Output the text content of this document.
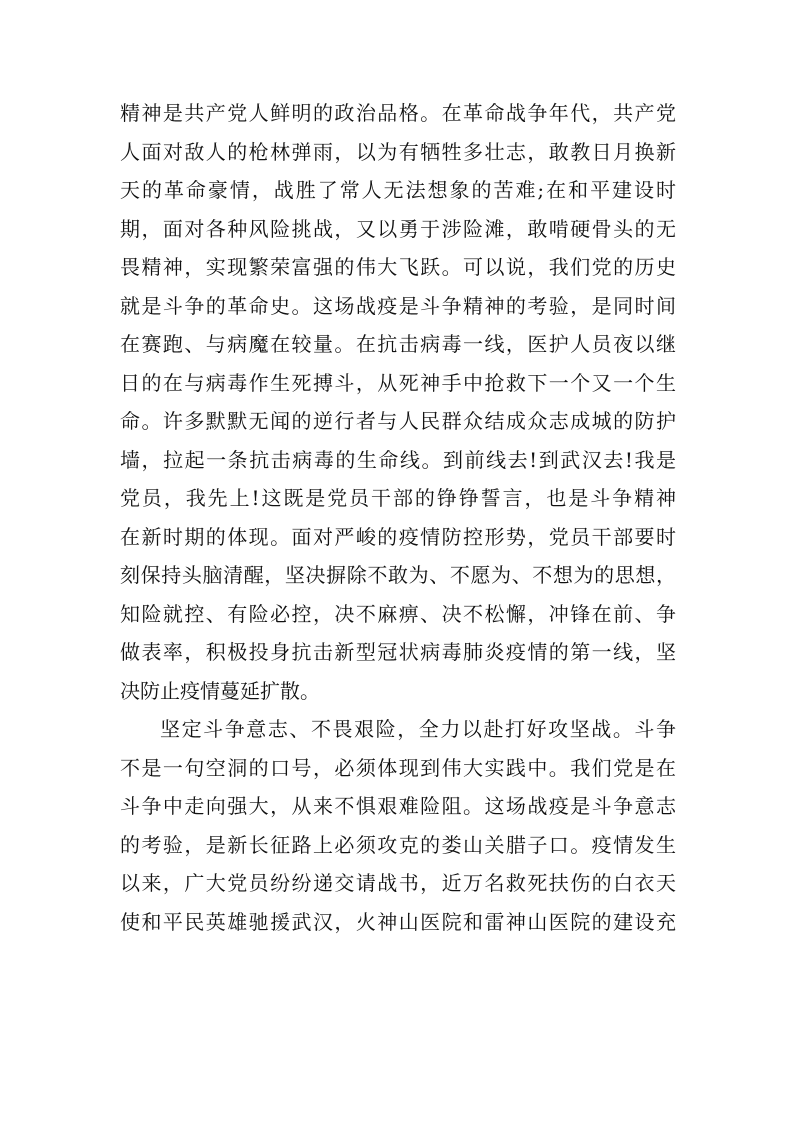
精神是共产党人鲜明的政治品格。在革命战争年代，共产党
人面对敌人的枪林弹雨，以为有牺牲多壮志，敢教日月换新
天的革命豪情，战胜了常人无法想象的苦难;在和平建设时
期，面对各种风险挑战，又以勇于涉险滩，敢啃硬骨头的无
畏精神，实现繁荣富强的伟大飞跃。可以说，我们党的历史
就是斗争的革命史。这场战疫是斗争精神的考验，是同时间
在赛跑、与病魔在较量。在抗击病毒一线，医护人员夜以继
日的在与病毒作生死搏斗，从死神手中抢救下一个又一个生
命。许多默默无闻的逆行者与人民群众结成众志成城的防护
墙，拉起一条抗击病毒的生命线。到前线去!到武汉去!我是
党员，我先上!这既是党员干部的铮铮誓言，也是斗争精神
在新时期的体现。面对严峻的疫情防控形势，党员干部要时
刻保持头脑清醒，坚决摒除不敢为、不愿为、不想为的思想，
知险就控、有险必控，决不麻痹、决不松懈，冲锋在前、争
做表率，积极投身抗击新型冠状病毒肺炎疫情的第一线，坚
决防止疫情蔓延扩散。
坚定斗争意志、不畏艰险，全力以赴打好攻坚战。斗争
不是一句空洞的口号，必须体现到伟大实践中。我们党是在
斗争中走向强大，从来不惧艰难险阻。这场战疫是斗争意志
的考验，是新长征路上必须攻克的娄山关腊子口。疫情发生
以来，广大党员纷纷递交请战书，近万名救死扶伤的白衣天
使和平民英雄驰援武汉，火神山医院和雷神山医院的建设充
